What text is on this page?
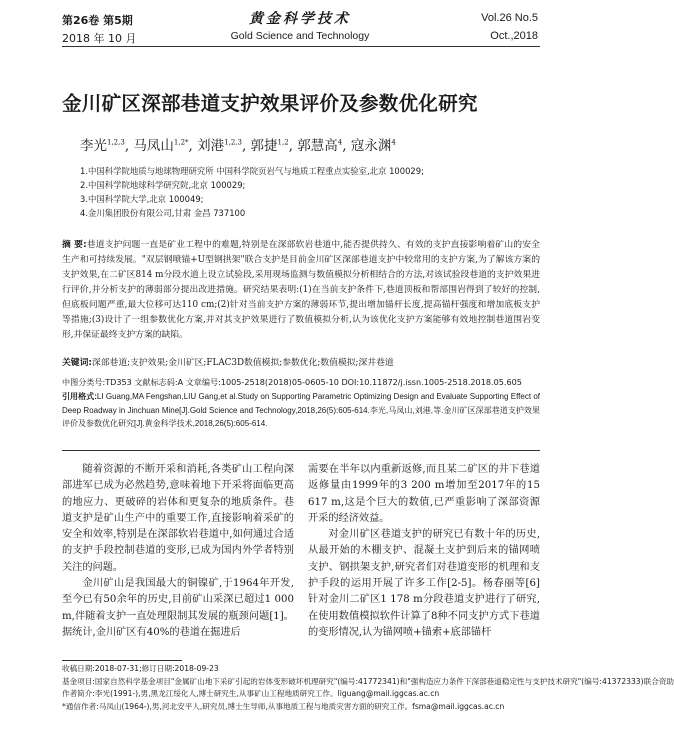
第26卷 第5期
2018 年 10 月
黄金科学技术
Gold Science and Technology
Vol.26 No.5
Oct.,2018
金川矿区深部巷道支护效果评价及参数优化研究
李光$^{1,2,3}$, 马凤山$^{1,2*}$, 刘港$^{1,2,3}$, 郭捷$^{1,2}$, 郭慧高$^4$, 寇永渊$^4$
1.中国科学院地质与地球物理研究所 中国科学院页岩气与地质工程重点实验室,北京 100029;
2.中国科学院地球科学研究院,北京 100029;
3.中国科学院大学,北京 100049;
4.金川集团股份有限公司,甘肃 金昌 737100
摘 要:巷道支护问题一直是矿业工程中的难题,特别是在深部软岩巷道中,能否提供持久、有效的支护直接影响着矿山的安全生产和可持续发展。"双层钢喷锚+U型钢拱架"联合支护是目前金川矿区深部巷道支护中较常用的支护方案,为了解该方案的支护效果,在二矿区814 m分段水道上设立试验段,采用现场监测与数值模拟分析相结合的方法,对该试验段巷道的支护效果进行评价,并分析支护的薄弱部分提出改进措施。研究结果表明:(1)在当前支护条件下,巷道顶板和帮部围岩得到了较好的控制,但底板问题严重,最大位移可达110 cm;(2)针对当前支护方案的薄弱环节,提出增加锚杆长度,提高锚杆强度和增加底板支护等措施;(3)设计了一组参数优化方案,并对其支护效果进行了数值模拟分析,认为该优化支护方案能够有效地控制巷道围岩变形,并保证最终支护方案的缺陷。
关键词:深部巷道;支护效果;金川矿区;FLAC3D数值模拟;参数优化;数值模拟;深井巷道
中图分类号:TD353 文献标志码:A 文章编号:1005-2518(2018)05-0605-10 DOI:10.11872/j.issn.1005-2518.2018.05.605
引用格式:LI Guang,MA Fengshan,LIU Gang,et al.Study on Supporting Parametric Optimizing Design and Evaluate Supporting Effect of Deep Roadway in Jinchuan Mine[J].Gold Science and Technology,2018,26(5):605-614.李光,马凤山,刘港,等.金川矿区深部巷道支护效果评价及参数优化研究[J].黄金科学技术,2018,26(5):605-614.

随着资源的不断开采和消耗,各类矿山工程向深部进军已成为必然趋势,意味着地下开采将面临更高的地应力、更破碎的岩体和更复杂的地质条件。巷道支护是矿山生产中的重要工作,直接影响着采矿的安全和效率,特别是在深部软岩巷道中,如何通过合适的支护手段控制巷道的变形,已成为国内外学者特别关注的问题。

金川矿山是我国最大的铜镍矿,于1964年开发,至今已有50余年的历史,目前矿山采深已超过1 000 m,伴随着支护一直处理限制其发展的瓶颈问题[1]。据统计,金川矿区有40%的巷道在掘进后

需要在半年以内重新返修,而且某二矿区的井下巷道返修量由1999年的3 200 m增加至2017年的15 617 m,这是个巨大的数值,已严重影响了深部资源开采的经济效益。

对金川矿区巷道支护的研究已有数十年的历史,从最开始的木棚支护、混凝土支护到后来的锚网喷支护、钢拱架支护,研究者们对巷道变形的机理和支护手段的运用开展了许多工作[2-5]。杨春丽等[6]针对金川二矿区1 178 m分段巷道支护进行了研究,在使用数值模拟软件计算了8种不同支护方式下巷道的变形情况,认为锚网喷+锚索+底部锚杆

收稿日期:2018-07-31;修订日期:2018-09-23
基金项目:国家自然科学基金项目"金属矿山地下采矿引起的岩体变形破坏机理研究"(编号:41772341)和"强构造应力条件下深部巷道稳定性与支护技术研究"(编号:41372333)联合资助
作者简介:李光(1991-),男,黑龙江绥化人,博士研究生,从事矿山工程地质研究工作。liguang@mail.iggcas.ac.cn
*通信作者:马凤山(1964-),男,河北安平人,研究员,博士生导师,从事地质工程与地质灾害方面的研究工作。fsma@mail.iggcas.ac.cn
